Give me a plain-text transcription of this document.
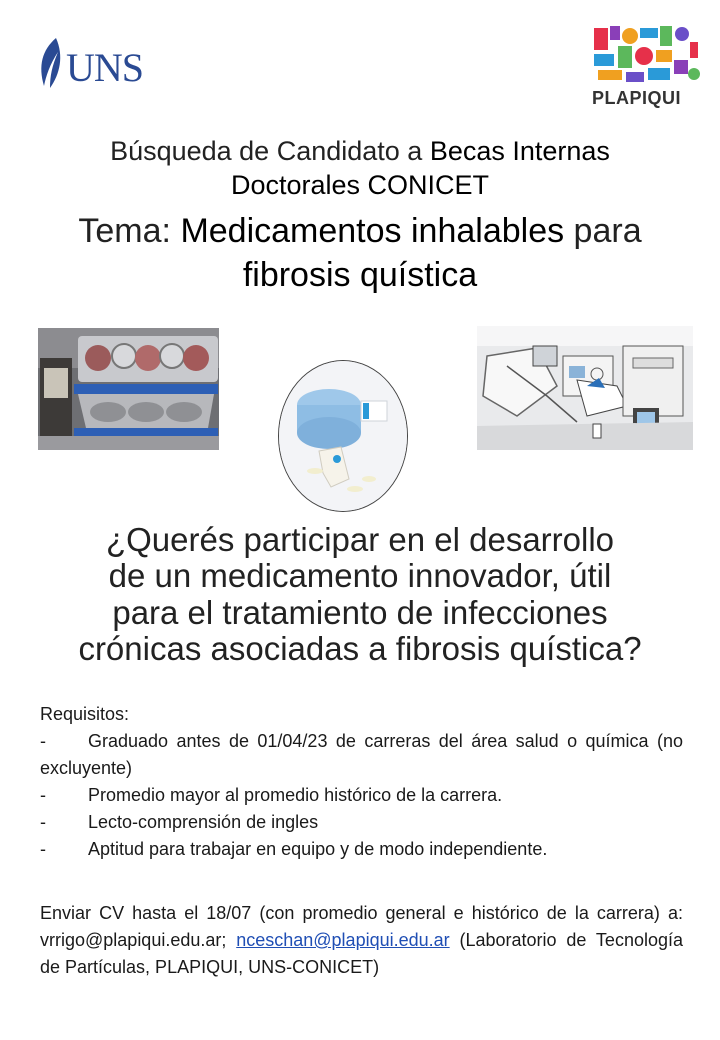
UNS
PLAPIQUI
Búsqueda de Candidato a Becas Internas
Doctorales CONICET
Tema: Medicamentos inhalables para
fibrosis quística
¿Querés participar en el desarrollo
de un medicamento innovador, útil
para el tratamiento de infecciones
crónicas asociadas a fibrosis quística?
Requisitos:
- Graduado antes de 01/04/23 de carreras del área salud o química (no excluyente)
- Promedio mayor al promedio histórico de la carrera.
- Lecto-comprensión de ingles
- Aptitud para trabajar en equipo y de modo independiente.
Enviar CV hasta el 18/07 (con promedio general e histórico de la carrera) a: vrrigo@plapiqui.edu.ar; nceschan@plapiqui.edu.ar (Laboratorio de Tecnología de Partículas, PLAPIQUI, UNS-CONICET)
